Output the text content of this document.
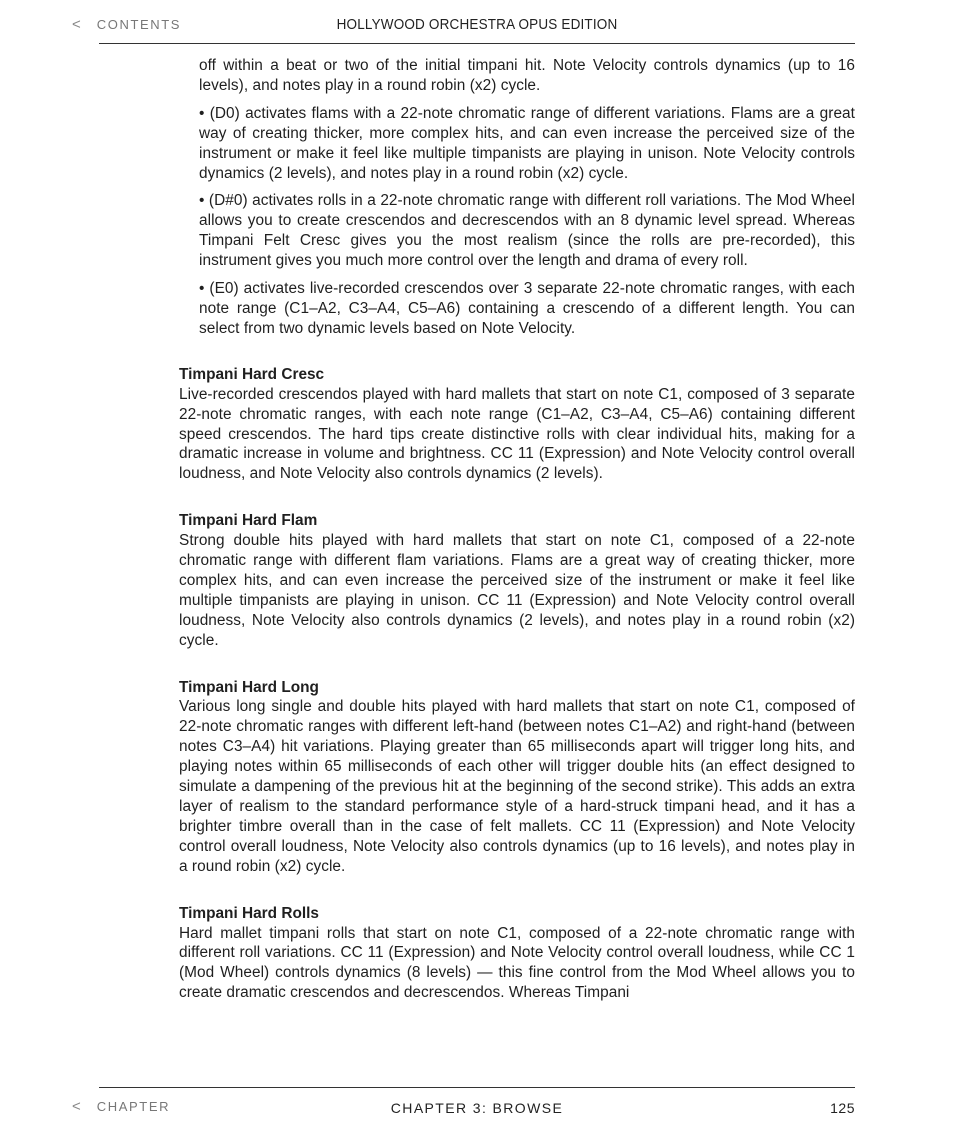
< CONTENTS	HOLLYWOOD ORCHESTRA OPUS EDITION

off within a beat or two of the initial timpani hit. Note Velocity controls dynamics (up to 16 levels), and notes play in a round robin (x2) cycle.

• (D0) activates flams with a 22-note chromatic range of different variations. Flams are a great way of creating thicker, more complex hits, and can even increase the perceived size of the instrument or make it feel like multiple timpanists are playing in unison. Note Velocity controls dynamics (2 levels), and notes play in a round robin (x2) cycle.

• (D#0) activates rolls in a 22-note chromatic range with different roll variations. The Mod Wheel allows you to create crescendos and decrescendos with an 8 dynamic level spread. Whereas Timpani Felt Cresc gives you the most realism (since the rolls are pre-recorded), this instrument gives you much more control over the length and drama of every roll.

• (E0) activates live-recorded crescendos over 3 separate 22-note chromatic ranges, with each note range (C1–A2, C3–A4, C5–A6) containing a crescendo of a different length. You can select from two dynamic levels based on Note Velocity.

Timpani Hard Cresc

Live-recorded crescendos played with hard mallets that start on note C1, composed of 3 separate 22-note chromatic ranges, with each note range (C1–A2, C3–A4, C5–A6) containing different speed crescendos. The hard tips create distinctive rolls with clear individual hits, making for a dramatic increase in volume and brightness. CC 11 (Expression) and Note Velocity control overall loudness, and Note Velocity also controls dynamics (2 levels).

Timpani Hard Flam

Strong double hits played with hard mallets that start on note C1, composed of a 22-note chromatic range with different flam variations. Flams are a great way of creating thicker, more complex hits, and can even increase the perceived size of the instrument or make it feel like multiple timpanists are playing in unison. CC 11 (Expression) and Note Velocity control overall loudness, Note Velocity also controls dynamics (2 levels), and notes play in a round robin (x2) cycle.

Timpani Hard Long

Various long single and double hits played with hard mallets that start on note C1, composed of 22-note chromatic ranges with different left-hand (between notes C1–A2) and right-hand (between notes C3–A4) hit variations. Playing greater than 65 milliseconds apart will trigger long hits, and playing notes within 65 milliseconds of each other will trigger double hits (an effect designed to simulate a dampening of the previous hit at the beginning of the second strike). This adds an extra layer of realism to the standard performance style of a hard-struck timpani head, and it has a brighter timbre overall than in the case of felt mallets. CC 11 (Expression) and Note Velocity control overall loudness, Note Velocity also controls dynamics (up to 16 levels), and notes play in a round robin (x2) cycle.

Timpani Hard Rolls

Hard mallet timpani rolls that start on note C1, composed of a 22-note chromatic range with different roll variations. CC 11 (Expression) and Note Velocity control overall loudness, while CC 1 (Mod Wheel) controls dynamics (8 levels) — this fine control from the Mod Wheel allows you to create dramatic crescendos and decrescendos. Whereas Timpani

< CHAPTER	CHAPTER 3: BROWSE	125
